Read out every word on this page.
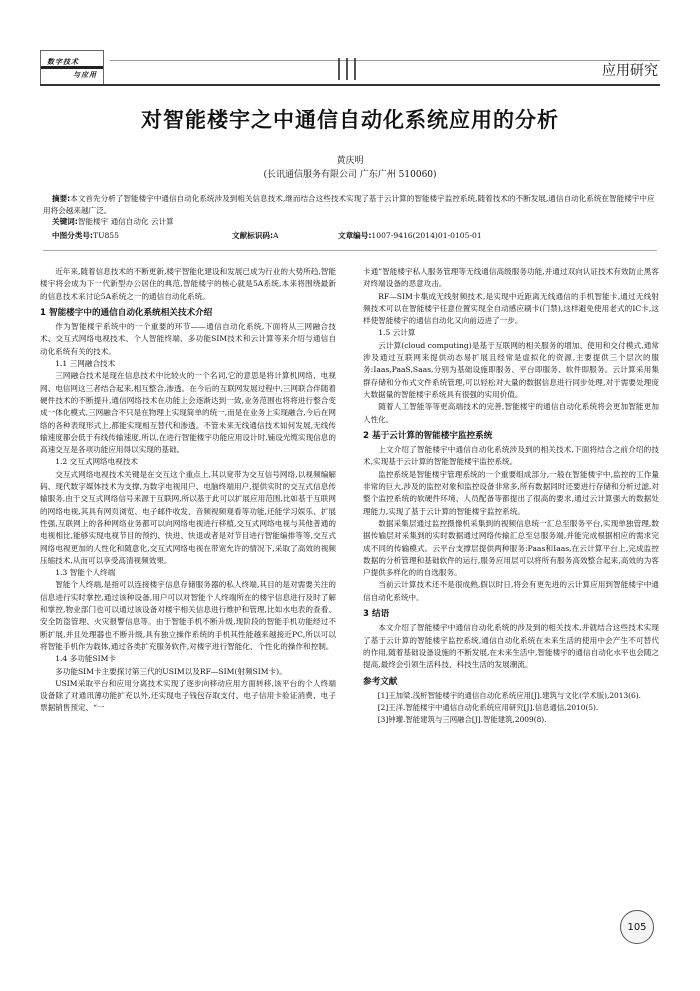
数字技术
与应用	应用研究
对智能楼宇之中通信自动化系统应用的分析
黄庆明
(长讯通信服务有限公司 广东广州 510060)
摘要:本文首先分析了智能楼宇中通信自动化系统涉及到相关信息技术,继而结合这些技术实现了基于云计算的智能楼宇监控系统,随着技术的不断发展,通信自动化系统在智能楼宇中应用将会越来越广泛。
关键词:智能楼宇 通信自动化 云计算
中图分类号:TU855	文献标识码:A	文章编号:1007-9416(2014)01-0105-01

近年来,随着信息技术的不断更新,楼宇智能化建设和发展已成为行业的大势所趋,智能楼宇将会成为下一代新型办公居住的典范,智能楼宇的核心就是5A系统,本来将围绕最新的信息技术来讨论5A系统之一的通信自动化系统。

1 智能楼宇中的通信自动化系统相关技术介绍

作为智能楼宇系统中的一个重要的环节——通信自动化系统,下面将从三网融合技术、交互式网络电视技术、个人智能终端、多功能SIM技术和云计算等来介绍与通信自动化系统有关的技术。

1.1 三网融合技术

三网融合技术是现在信息技术中比较火的一个名词,它的意思是将计算机网络、电视网、电信网这三者结合起来,相互整合,渗透。在今后的互联网发展过程中,三网联合伴随着硬件技术的不断提升,通信网络技术在功能上会逐渐达到一致,业务范围也将将进行整合变成一体化模式,三网融合不只是在物理上实现简单的统一,而是在业务上实现融合,今后在网络的各种表现形式上,都能实现相互替代和渗透。不管未来无线通信技术如何发展,无线传输速度都会低于有线传输速度,所以,在进行智能楼宇功能应用设计时,铺设光缆实现信息的高速交互是各项功能应用得以实现的基础。

1.2 交互式网络电视技术

交互式网络电视技术关键是在交互这个重点上,其以宽带为交互信号网络,以视频编解码、现代数字媒体技术为支撑,为数字电视用户、电脑终端用户,提供实时的交互式信息传输服务,由于交互式网络信号来源于互联网,所以基于此可以扩展应用范围,比如基于互联网的网络电视,其具有网页浏览、电子邮件收发、音频视频观看等功能,还能学习娱乐、扩展性强,互联网上的各种网络业务都可以向网络电视进行移植,交互式网络电视与其他普通的电视相比,能够实现电视节目的预约、快进、快退或者是对节目进行智能编排等等,交互式网络电视更加的人性化和随意化,交互式网络电视在带宽允许的情况下,采取了高效的视频压缩技术,从而可以享受高清视频效果。

1.3 智能个人终端

智能个人终端,是指可以连接楼宇信息存储服务器的私人终端,其目的是对需要关注的信息进行实时掌控,通过该种设备,用户可以对智能个人终端所在的楼宇信息进行及时了解和掌控,物业部门也可以通过该设备对楼宇相关信息进行维护和管理,比如水电表的查看、安全防盗管理、火灾报警信息等。由于智能手机不断升级,现阶段的智能手机功能经过不断扩展,并且处理器也不断升级,具有独立操作系统的手机其性能越来越接近PC,所以可以将智能手机作为载体,通过各类扩充服务软件,对楼宇进行智能化、个性化的操作和控制。

1.4 多功能SIM卡

多功能SIM卡主要探讨第三代的USIM以及RF—SIM(射频SIM卡)。

USIM采取平台和应用分离技术实现了逐步向移动应用方面转移,该平台的个人终端设备除了对通讯薄功能扩充以外,还实现电子钱包存取支付、电子信用卡验证消费、电子票据销售预定、“一

卡通”智能楼宇私人服务管理等无线通信高级服务功能,并通过双向认证技术有效防止黑客对终端设备的恶意攻击。

RF—SIM卡集成无线射频技术,是实现中近距离无线通信的手机智能卡,通过无线射频技术可以在智能楼宇任意位置实现全自动感应刷卡(门禁),这样避免使用老式的IC卡,这样使智能楼宇的通信自动化又向前迈进了一步。

1.5 云计算

云计算(cloud computing)是基于互联网的相关服务的增加、使用和交付模式,通常涉及通过互联网来提供动态易扩展且经常是虚拟化的资源,主要提供三个层次的服务:Iaas,PaaS,Saas,分别为基础设施即服务、平台即服务、软件即服务。云计算采用集群存储和分布式文件系统管理,可以轻松对大量的数据信息进行同步处理,对于需要处理庞大数据量的智能楼宇系统具有很强的实用价值。

随着人工智能等等更高端技术的完善,智能楼宇的通信自动化系统将会更加智能更加人性化。

2 基于云计算的智能楼宇监控系统

上文介绍了智能楼宇中通信自动化系统涉及到的相关技术,下面将结合之前介绍的技术,实现基于云计算的智能智能楼宇监控系统。

监控系统是智能楼宇管理系统的一个重要组成部分,一般在智能楼宇中,监控的工作量非常的巨大,涉及的监控对象和监控设备非常多,所有数据同时还要进行存储和分析过滤,对整个监控系统的软硬件环境、人员配备等都提出了很高的要求,通过云计算强大的数据处理能力,实现了基于云计算的智能楼宇监控系统。

数据采集层通过监控摄像机采集到的视频信息统一汇总至服务平台,实现单独管理,数据传输层对采集到的实时数据通过网络传输汇总至总服务端,并能完成根据相应的需求完成不同的传输模式。云平台支撑层提供两种服务:Paas和Iaas,在云计算平台上,完成监控数据的分析管理和基础软件的运行,服务应用层可以将所有服务高效整合起来,高效的为客户提供多样化的的自选服务。

当前云计算技术还不是很成熟,假以时日,将会有更先进的云计算应用到智能楼宇中通信自动化系统中。

3 结语

本文介绍了智能楼宇中通信自动化系统的涉及到的相关技术,并就结合这些技术实现了基于云计算的智能楼宇监控系统,通信自动化系统在未来生活的使用中会产生不可替代的作用,随着基础设备设施的不断发展,在未来生活中,智能楼宇的通信自动化水平也会随之提高,最终会引领生活科技、科技生活的发展潮流。

参考文献

[1]王加梁.浅析智能楼宇的通信自动化系统应用[J].建筑与文化(学术版),2013(6).

[2]王洋.智能楼宇中通信自动化系统应用研究[J].信息通信,2010(5).

[3]钟瓘.智能建筑与三网融合[J].智能建筑,2009(8).

105
